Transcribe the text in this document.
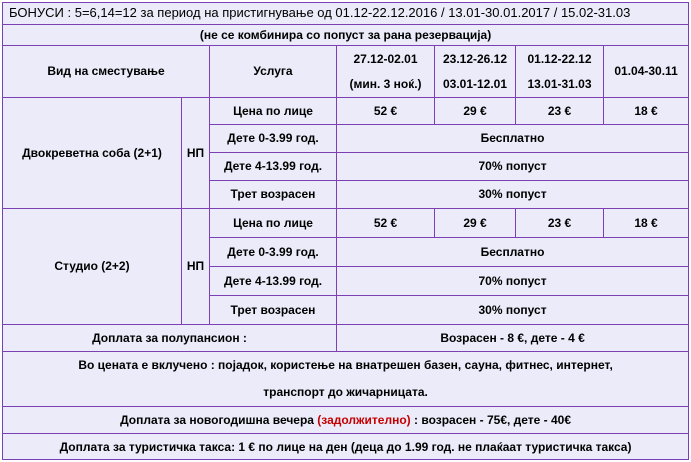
БОНУСИ : 5=6,14=12 за период на пристигнување од 01.12-22.12.2016 / 13.01-30.01.2017 / 15.02-31.03						
(не се комбинира со попуст за рана резервација)						
Вид на сместување		Услуга	27.12-02.01	23.12-26.12	01.12-22.12	01.04-30.11
			(мин. 3 ноќ.)	03.01-12.01	13.01-31.03	
Двокреветна соба (2+1)	НП	Цена по лице	52 €	29 €	23 €	18 €
		Дете 0-3.99 год.	Бесплатно			
		Дете 4-13.99 год.	70% попуст			
		Трет возрасен	30% попуст			
Студио (2+2)	НП	Цена по лице	52 €	29 €	23 €	18 €
		Дете 0-3.99 год.	Бесплатно			
		Дете 4-13.99 год.	70% попуст			
		Трет возрасен	30% попуст			
Доплата за полупансион :			Возрасен - 8 €, дете - 4 €			
Во цената е вклучено : појадок, користење на внатрешен базен, сауна, фитнес, интернет,						
транспорт до жичарницата.						
Доплата за новогодишна вечера (задолжително) : возрасен - 75€, дете - 40€						
Доплата за туристичка такса: 1 € по лице на ден (деца до 1.99 год. не плаќаат туристичка такса)						
